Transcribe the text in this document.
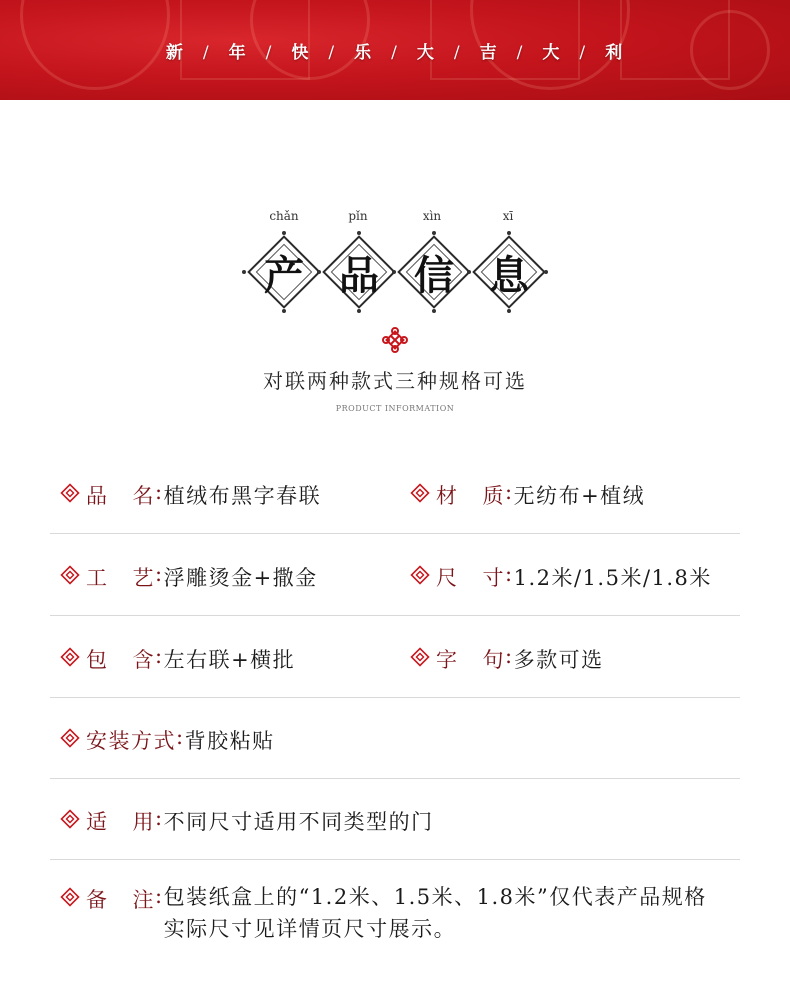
新 / 年 / 快 / 乐 / 大 / 吉 / 大 / 利
chǎn	pǐn	xìn	xī
产 品 信 息
对联两种款式三种规格可选
PRODUCT INFORMATION
品 名 : 植绒布黑字春联	材 质 : 无纺布+植绒
工 艺 : 浮雕烫金+撒金	尺 寸 : 1.2米/1.5米/1.8米
包 含 : 左右联+横批	字 句 : 多款可选
安装方式 : 背胶粘贴
适 用 : 不同尺寸适用不同类型的门
备 注 : 包装纸盒上的“1.2米、1.5米、1.8米”仅代表产品规格
实际尺寸见详情页尺寸展示。
